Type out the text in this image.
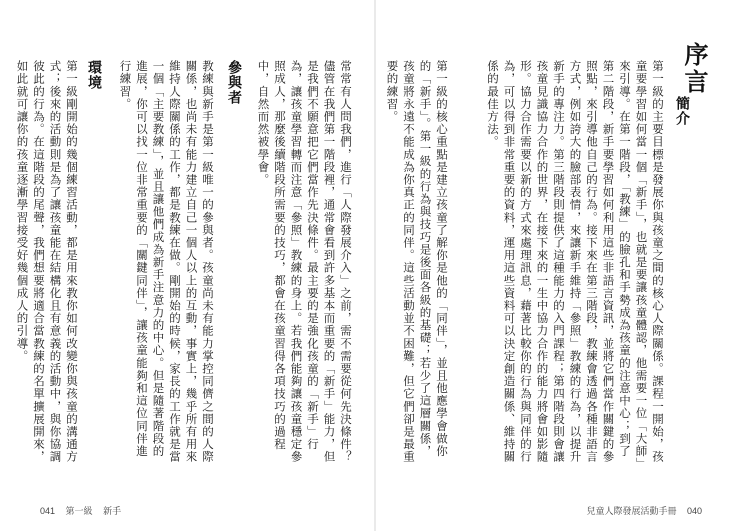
序言
簡介
第一級的主要目標是發展你與孩童之間的核心人際關係。課程一開始，孩童要學習如何當一個「新手」，也就是要讓孩童體認，他需要一位「大師」來引導。在第一階段，「教練」的臉孔和手勢成為孩童的注意中心；到了第二階段，新手要學習如何利用這些非語言資訊，並將它們當作關鍵的參照點，來引導他自己的行為。接下來在第三階段，教練會透過各種非語言方式，例如誇大的臉部表情，來讓新手維持「參照」教練的行為，以提升新手的專注力。第三階段則提供了這種能力的入門課程；第四階段則會讓孩童見識協力合作的世界，在接下來的一生中協力合作的能力將會如影隨形。協力合作需要以新的方式來處理訊息，藉著比較你的行為與同伴的行為，可以得到非常重要的資料，運用這些資料可以決定創造關係、維持關係的最佳方法。
第一級的核心重點是建立孩童了解你是他的「同伴」，並且他應學會做你的「新手」。第一級的行為與技巧是後面各級的基礎；若少了這層關係，孩童將永遠不能成為你真正的同伴。這些活動並不困難，但它們卻是最重要的練習。
常常有人問我們，進行「人際發展介入」之前，需不需要從何先決條件？儘管在我們第一階段裡，通常會看到許多基本而重要的「新手」能力，但是我們不願意把它們當作先決條件。最主要的是強化孩童的「新手」行為，讓孩童學習轉而注意「參照」教練的身上。若我們能夠讓孩童穩定參照成人，那麼後續階段所需要的技巧，都會在孩童習得各項技巧的過程中，自然而然被學會。
參與者
教練與新手是第一級唯一的參與者。孩童尚未有能力掌控同儕之間的人際關係，也尚未有能力建立自己一個人以上的互動，事實上，幾乎所有用來維持人際關係的工作，都是教練在做。剛開始的時候，家長的工作就是當一個「主要教練」，並且讓他們成為新手注意力的中心。但是隨著階段的進展，你可以找一位非常重要的「關鍵同伴」，讓孩童能夠和這位同伴進行練習。
環境
第一級剛開始的幾個練習活動，都是用來教你如何改變你與孩童的溝通方式；後來的活動則是為了讓孩童能在結構化且有意義的活動中，與你協調彼此的行為。在這階段的尾聲，我們想要將適合當教練的名單擴展開來，如此就可讓你的孩童逐漸學習接受好幾個成人的引導。
041 第一級 新手	兒童人際發展活動手冊 040
